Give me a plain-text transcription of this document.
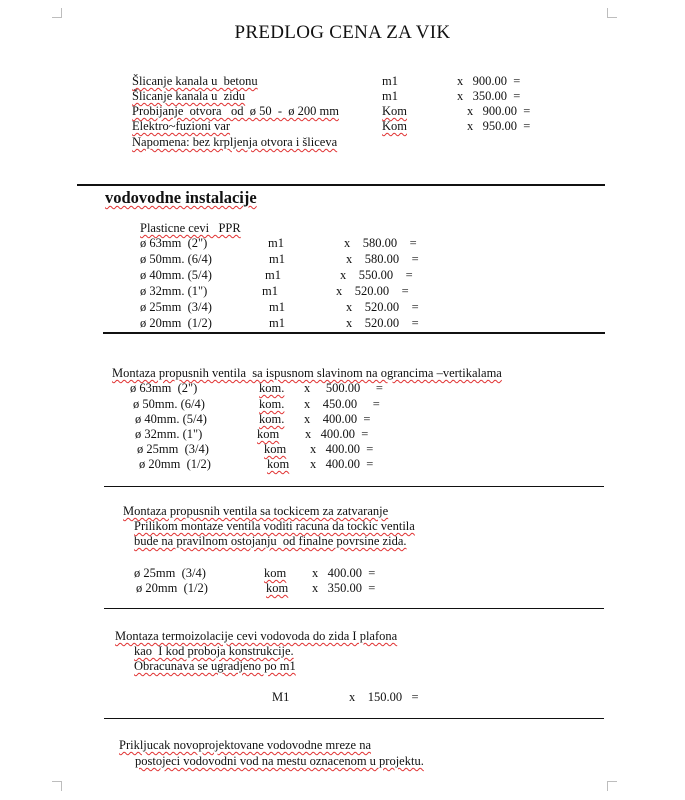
PREDLOG CENA ZA VIK
Šlicanje kanala u  betonu	m1	x   900.00  =
Šlicanje kanala u  zidu	m1	x   350.00  =
Probijanje  otvora   od  ø 50  -  ø 200 mm	Kom	x   900.00  =
Elektro~fuzioni var	Kom	x   950.00  =
Napomena: bez krpljenja otvora i šliceva
vodovodne instalacije
Plasticne cevi   PPR
ø 63mm  (2")	m1	x    580.00    =
ø 50mm. (6/4)	m1	x    580.00    =
ø 40mm. (5/4)	m1	x    550.00    =
ø 32mm. (1")	m1	x    520.00    =
ø 25mm  (3/4)	m1	x    520.00    =
ø 20mm  (1/2)	m1	x    520.00    =
Montaza propusnih ventila  sa ispusnom slavinom na ograncima –vertikalama
ø 63mm  (2")	kom. x     500.00     =
ø 50mm. (6/4)	kom. x    450.00     =
ø 40mm. (5/4)	kom. x    400.00  =
ø 32mm. (1")	kom x   400.00  =
ø 25mm  (3/4)	kom x   400.00  =
ø 20mm  (1/2)	kom x   400.00  =
Montaza propusnih ventila sa tockicem za zatvaranje
Prilikom montaze ventila voditi racuna da tockic ventila
bude na pravilnom ostojanju  od finalne povrsine zida.
ø 25mm  (3/4)	kom x   400.00  =
ø 20mm  (1/2)	kom x   350.00  =
Montaza termoizolacije cevi vodovoda do zida I plafona
kao  I kod proboja konstrukcije.
Obracunava se ugradjeno po m1
M1	x    150.00   =
Prikljucak novoprojektovane vodovodne mreze na
postojeci vodovodni vod na mestu oznacenom u projektu.
